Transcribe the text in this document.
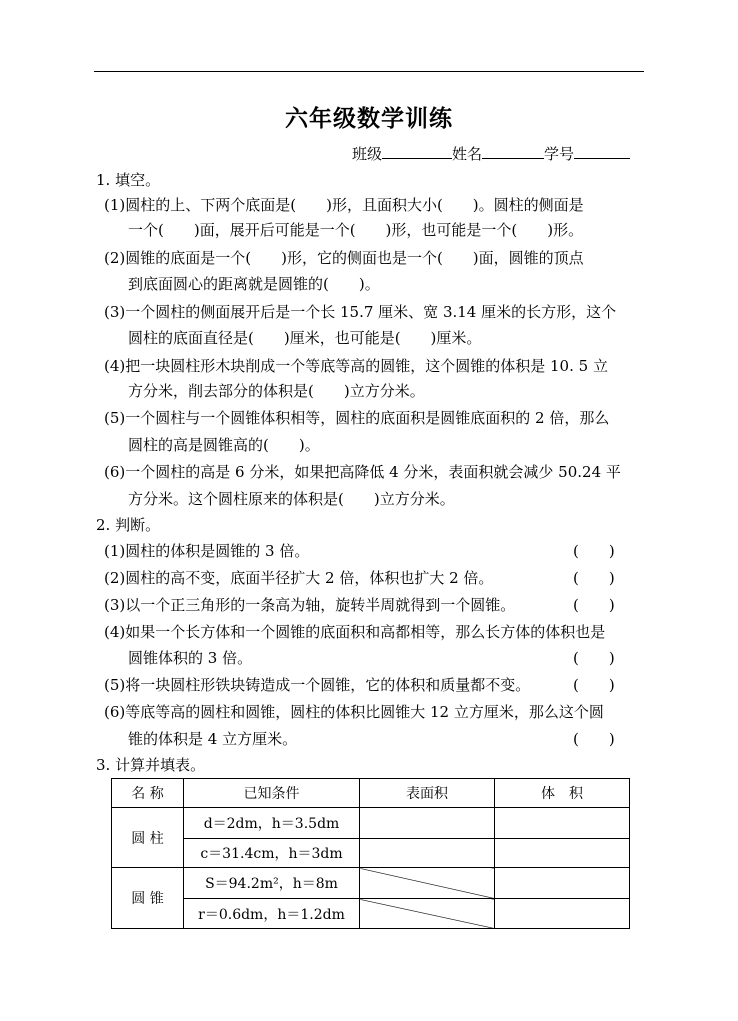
六年级数学训练
班级	姓名	学号
1. 填空。
(1)圆柱的上、下两个底面是(　　)形，且面积大小(　　)。圆柱的侧面是
一个(　　)面，展开后可能是一个(　　)形，也可能是一个(　　)形。
(2)圆锥的底面是一个(　　)形，它的侧面也是一个(　　)面，圆锥的顶点
到底面圆心的距离就是圆锥的(　　)。
(3)一个圆柱的侧面展开后是一个长 15.7 厘米、宽 3.14 厘米的长方形，这个
圆柱的底面直径是(　　)厘米，也可能是(　　)厘米。
(4)把一块圆柱形木块削成一个等底等高的圆锥，这个圆锥的体积是 10. 5 立
方分米，削去部分的体积是(　　)立方分米。
(5)一个圆柱与一个圆锥体积相等，圆柱的底面积是圆锥底面积的 2 倍，那么
圆柱的高是圆锥高的(　　)。
(6)一个圆柱的高是 6 分米，如果把高降低 4 分米，表面积就会减少 50.24 平
方分米。这个圆柱原来的体积是(　　)立方分米。
2. 判断。
(1)圆柱的体积是圆锥的 3 倍。	(　　)
(2)圆柱的高不变，底面半径扩大 2 倍，体积也扩大 2 倍。	(　　)
(3)以一个正三角形的一条高为轴，旋转半周就得到一个圆锥。	(　　)
(4)如果一个长方体和一个圆锥的底面积和高都相等，那么长方体的体积也是
圆锥体积的 3 倍。	(　　)
(5)将一块圆柱形铁块铸造成一个圆锥，它的体积和质量都不变。	(　　)
(6)等底等高的圆柱和圆锥，圆柱的体积比圆锥大 12 立方厘米，那么这个圆
锥的体积是 4 立方厘米。	(　　)
3. 计算并填表。
名 称	已知条件	表面积	体　积
圆 柱	d＝2dm，h＝3.5dm		
	c＝31.4cm，h＝3dm		
圆 锥	S＝94.2m²，h＝8m		
	r＝0.6dm，h＝1.2dm		
